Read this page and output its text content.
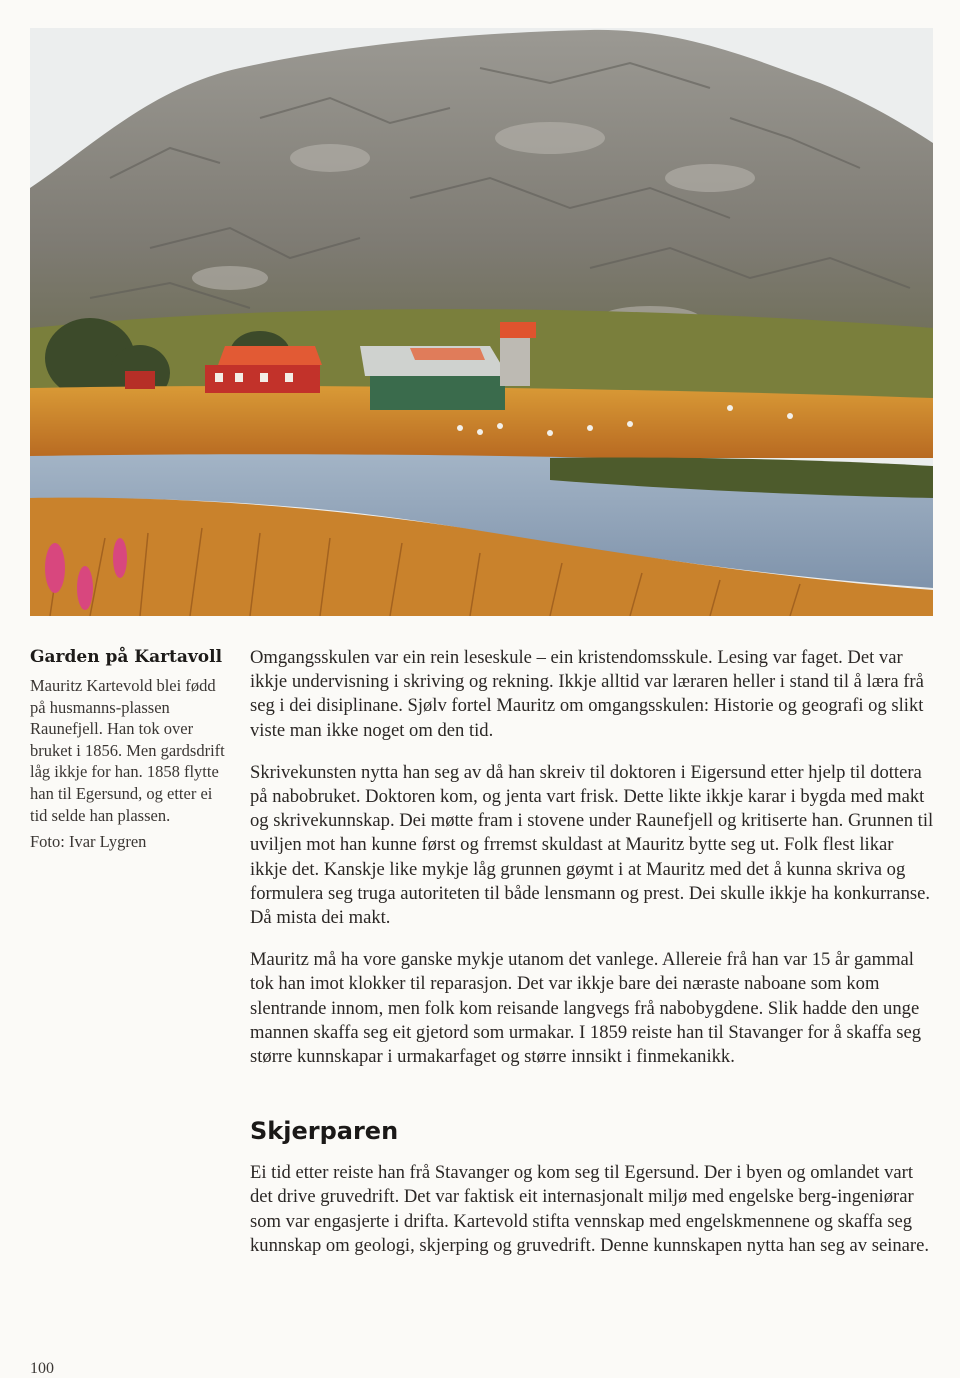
Garden på Kartavoll

Mauritz Kartevold blei fødd på husmanns-plassen Raunefjell. Han tok over bruket i 1856. Men gardsdrift låg ikkje for han. 1858 flytte han til Egersund, og etter ei tid selde han plassen.

Foto: Ivar Lygren

Omgangsskulen var ein rein leseskule – ein kristendomsskule. Lesing var faget. Det var ikkje undervisning i skriving og rekning. Ikkje alltid var læraren heller i stand til å læra frå seg i dei disiplinane. Sjølv fortel Mauritz om omgangsskulen: Historie og geografi og slikt viste man ikke noget om den tid.

Skrivekunsten nytta han seg av då han skreiv til doktoren i Eigersund etter hjelp til dottera på nabobruket. Doktoren kom, og jenta vart frisk. Dette likte ikkje karar i bygda med makt og skrivekunnskap. Dei møtte fram i stovene under Raunefjell og kritiserte han. Grunnen til uviljen mot han kunne først og frremst skuldast at Mauritz bytte seg ut. Folk flest likar ikkje det. Kanskje like mykje låg grunnen gøymt i at Mauritz med det å kunna skriva og formulera seg truga autoriteten til både lensmann og prest. Dei skulle ikkje ha konkurranse. Då mista dei makt.

Mauritz må ha vore ganske mykje utanom det vanlege. Allereie frå han var 15 år gammal tok han imot klokker til reparasjon. Det var ikkje bare dei næraste naboane som kom slentrande innom, men folk kom reisande langvegs frå nabobygdene. Slik hadde den unge mannen skaffa seg eit gjetord som urmakar. I 1859 reiste han til Stavanger for å skaffa seg større kunnskapar i urmakarfaget og større innsikt i finmekanikk.

Skjerparen

Ei tid etter reiste han frå Stavanger og kom seg til Egersund. Der i byen og omlandet vart det drive gruvedrift. Det var faktisk eit internasjonalt miljø med engelske berg-ingeniørar som var engasjerte i drifta. Kartevold stifta vennskap med engelskmennene og skaffa seg kunnskap om geologi, skjerping og gruvedrift. Denne kunnskapen nytta han seg av seinare.

100
